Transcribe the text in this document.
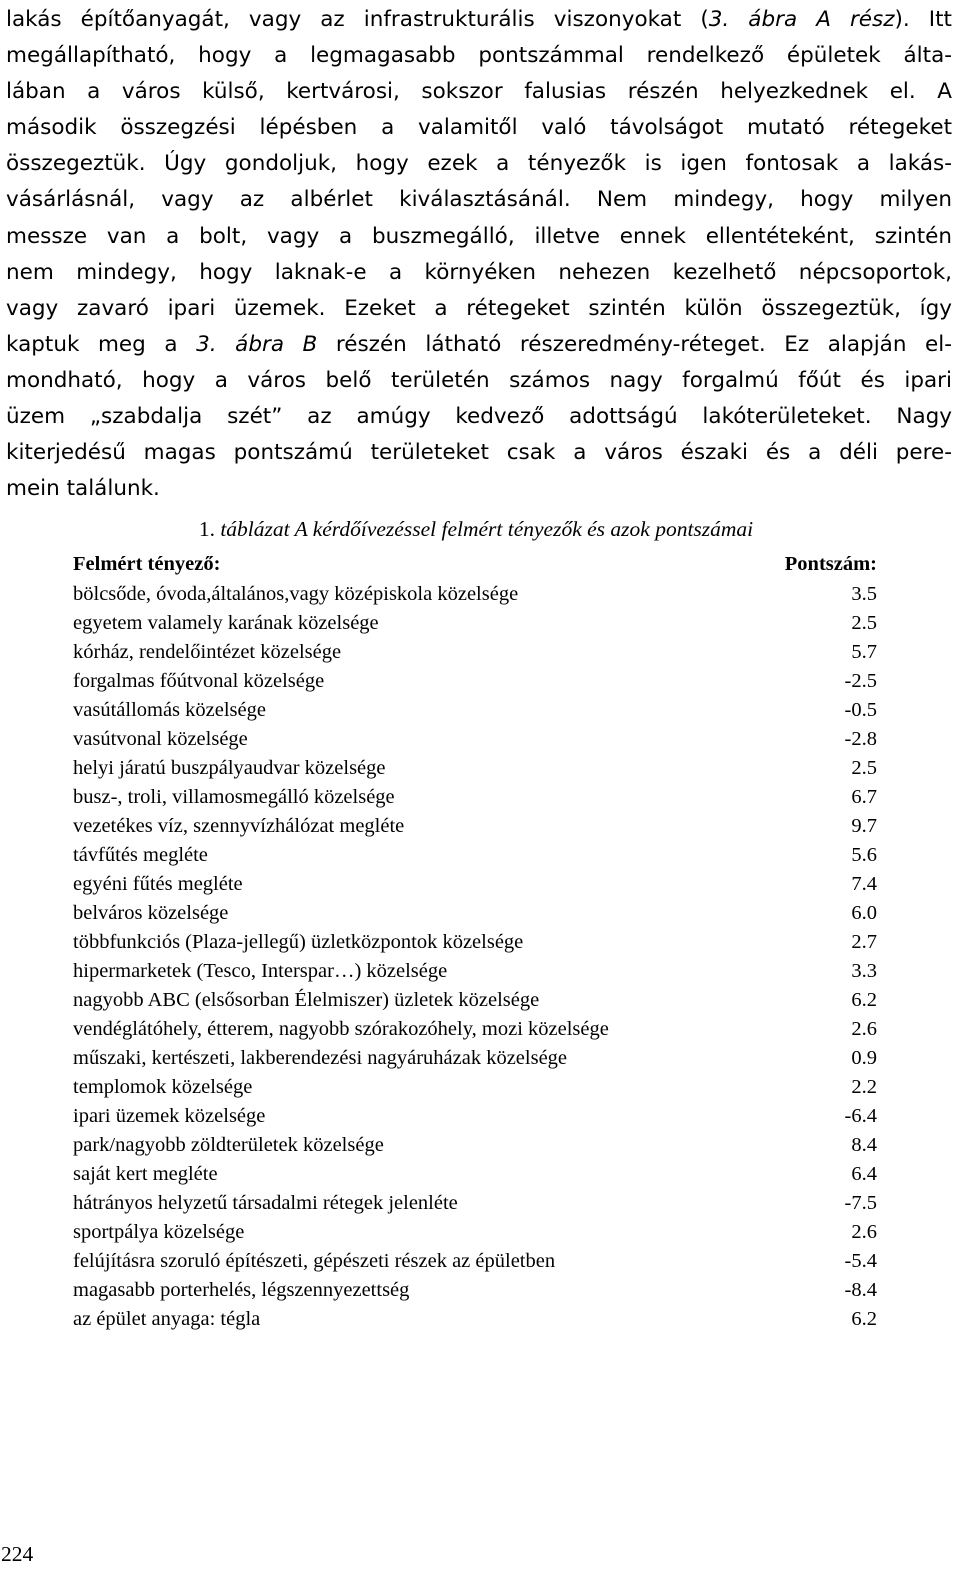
lakás építőanyagát, vagy az infrastrukturális viszonyokat (3. ábra A rész). Itt
megállapítható, hogy a legmagasabb pontszámmal rendelkező épületek álta-
lában a város külső, kertvárosi, sokszor falusias részén helyezkednek el. A
második összegzési lépésben a valamitől való távolságot mutató rétegeket
összegeztük. Úgy gondoljuk, hogy ezek a tényezők is igen fontosak a lakás-
vásárlásnál, vagy az albérlet kiválasztásánál. Nem mindegy, hogy milyen
messze van a bolt, vagy a buszmegálló, illetve ennek ellentéteként, szintén
nem mindegy, hogy laknak-e a környéken nehezen kezelhető népcsoportok,
vagy zavaró ipari üzemek. Ezeket a rétegeket szintén külön összegeztük, így
kaptuk meg a 3. ábra B részén látható részeredmény-réteget. Ez alapján el-
mondható, hogy a város belő területén számos nagy forgalmú főút és ipari
üzem „szabdalja szét” az amúgy kedvező adottságú lakóterületeket. Nagy
kiterjedésű magas pontszámú területeket csak a város északi és a déli pere-
mein találunk.
1. táblázat A kérdőívezéssel felmért tényezők és azok pontszámai
Felmért tényező:	Pontszám:
bölcsőde, óvoda,általános,vagy középiskola közelsége	3.5
egyetem valamely karának közelsége	2.5
kórház, rendelőintézet közelsége	5.7
forgalmas főútvonal közelsége	-2.5
vasútállomás közelsége	-0.5
vasútvonal közelsége	-2.8
helyi járatú buszpályaudvar közelsége	2.5
busz-, troli, villamosmegálló közelsége	6.7
vezetékes víz, szennyvízhálózat megléte	9.7
távfűtés megléte	5.6
egyéni fűtés megléte	7.4
belváros közelsége	6.0
többfunkciós (Plaza-jellegű) üzletközpontok közelsége	2.7
hipermarketek (Tesco, Interspar…) közelsége	3.3
nagyobb ABC (elsősorban Élelmiszer) üzletek közelsége	6.2
vendéglátóhely, étterem, nagyobb szórakozóhely, mozi közelsége	2.6
műszaki, kertészeti, lakberendezési nagyáruházak közelsége	0.9
templomok közelsége	2.2
ipari üzemek közelsége	-6.4
park/nagyobb zöldterületek közelsége	8.4
saját kert megléte	6.4
hátrányos helyzetű társadalmi rétegek jelenléte	-7.5
sportpálya közelsége	2.6
felújításra szoruló építészeti, gépészeti részek az épületben	-5.4
magasabb porterhelés, légszennyezettség	-8.4
az épület anyaga: tégla	6.2
224
